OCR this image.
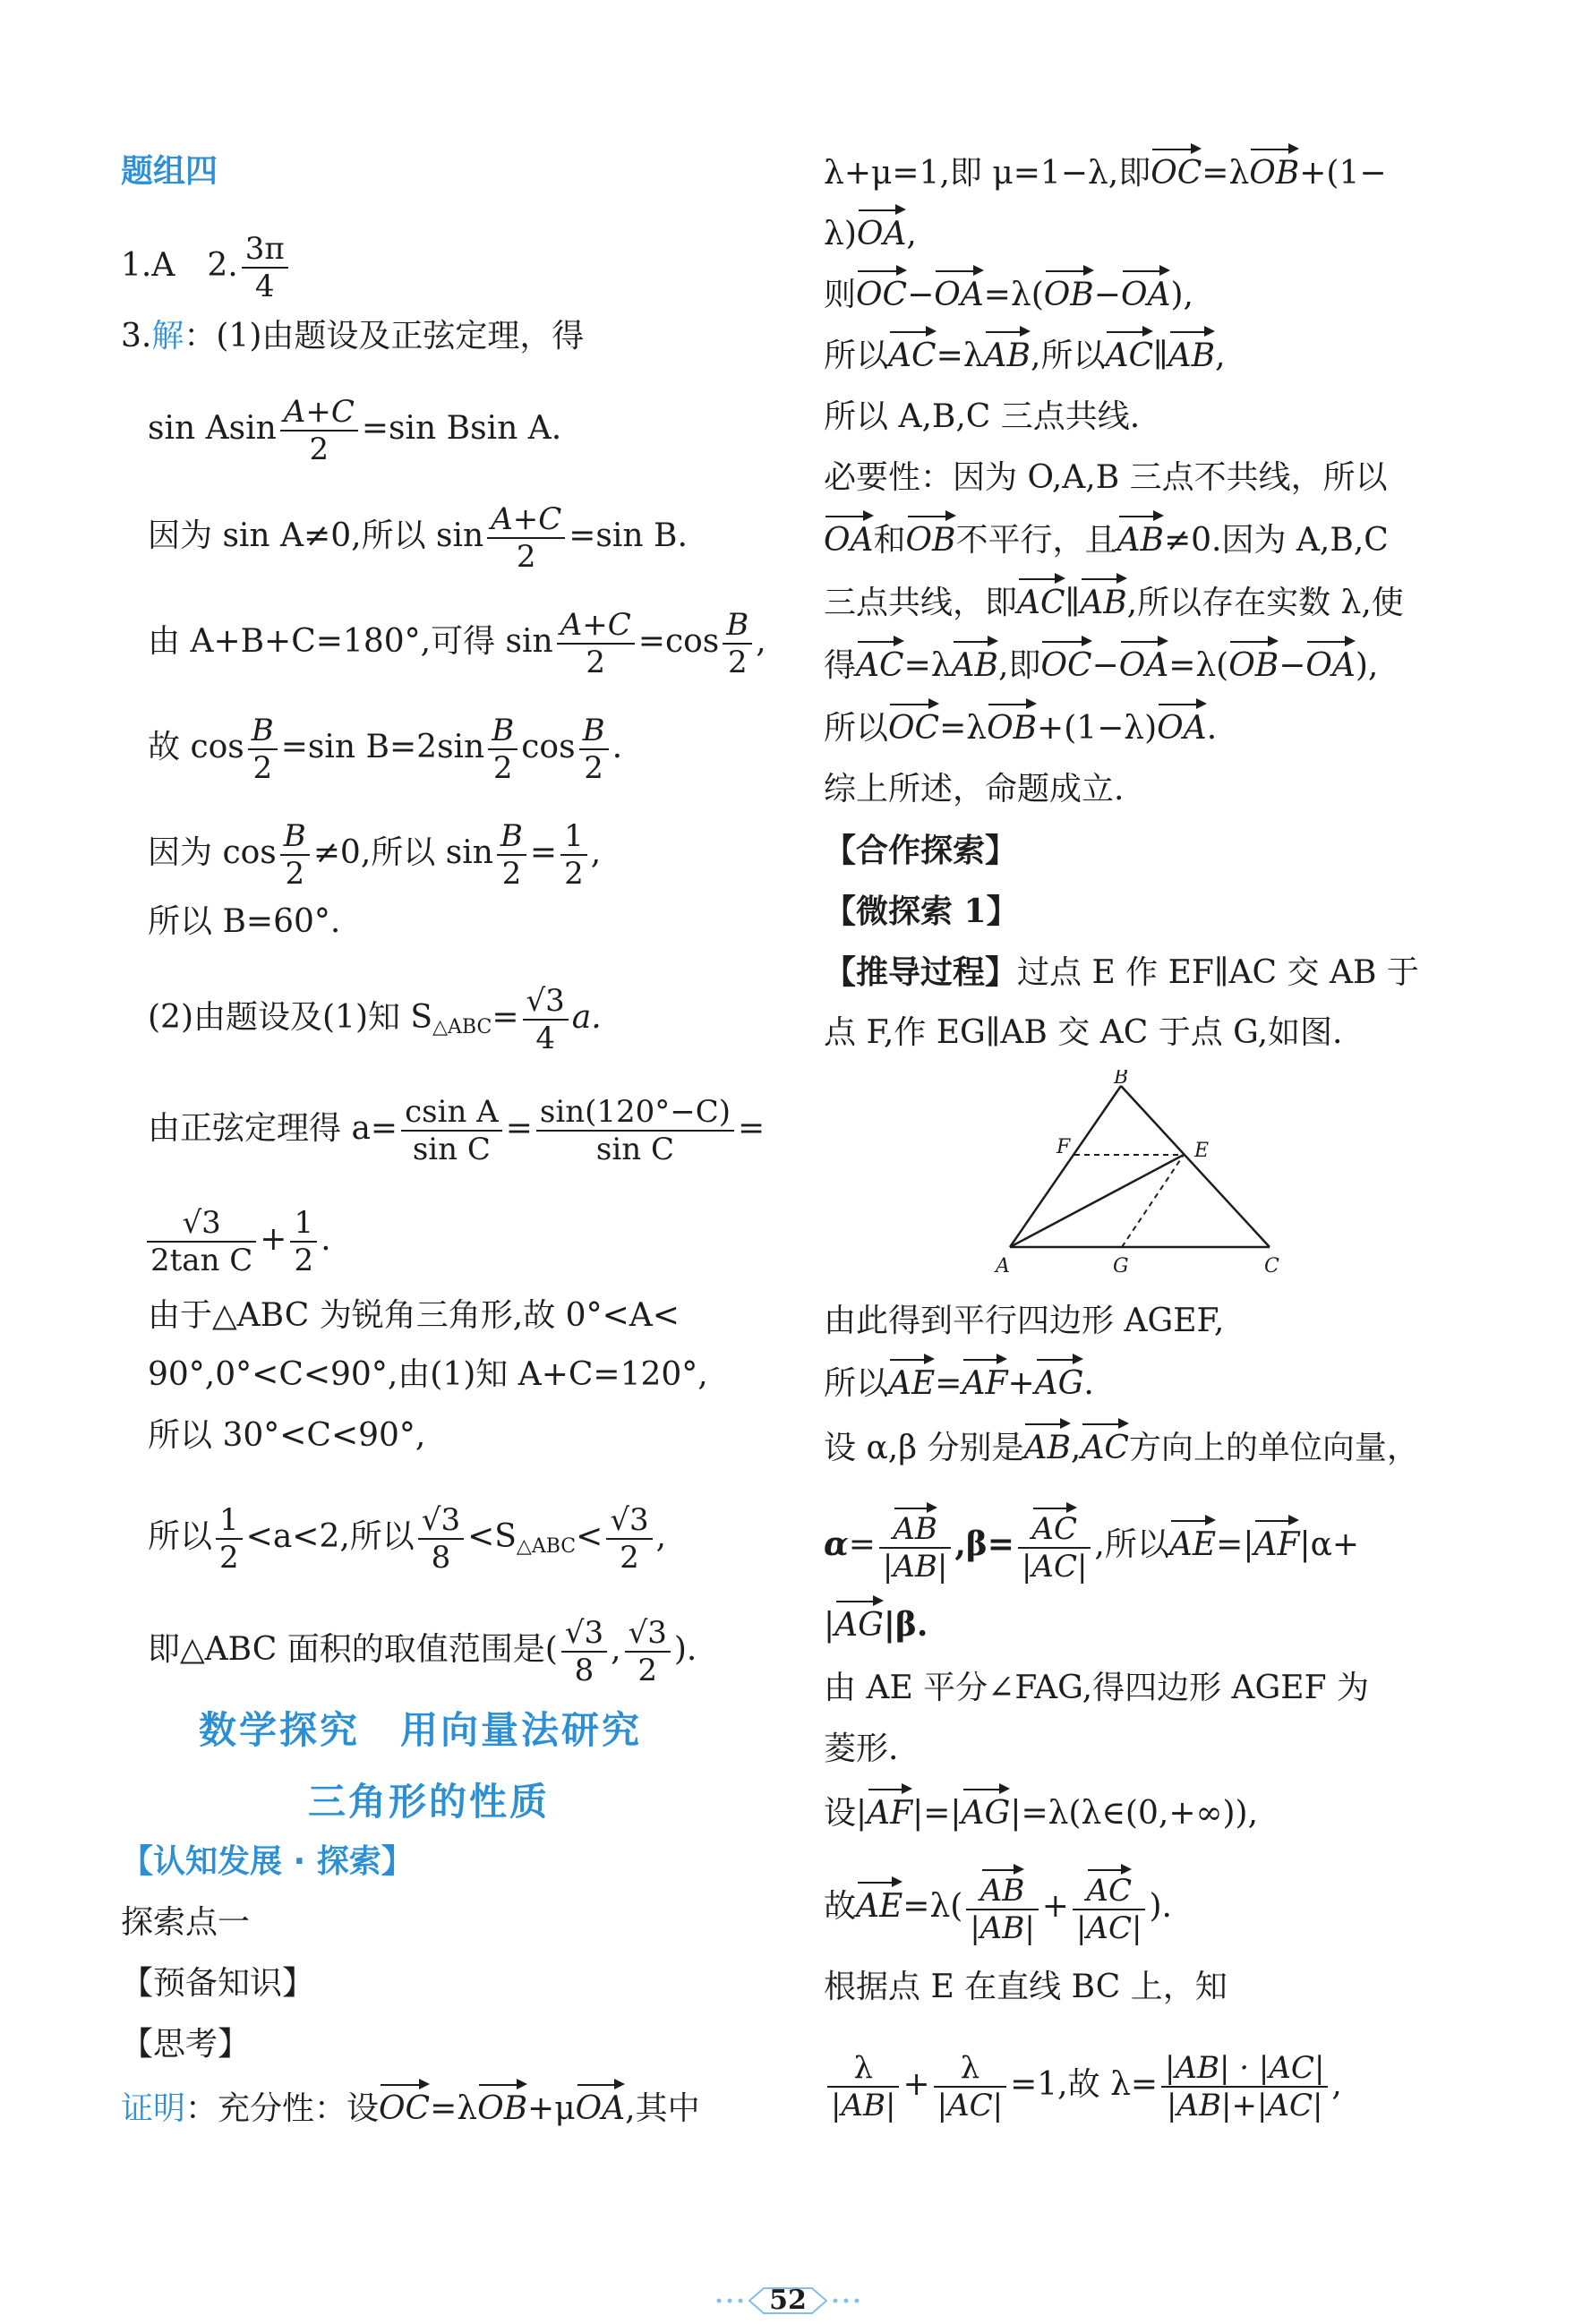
题组四
1.A　2. $\frac{3\pi}{4}$
3.解：(1)由题设及正弦定理，得
sin Asin $\frac{A+C}{2} =\sin$ Bsin A.
因为 sin A≠0,所以 $\sin \frac{A+C}{2} =\sin$ B.
由 A+B+C=180°,可得 $\sin \frac{A+C}{2} =\cos \frac{B}{2}$ ,
故 $\cos \frac{B}{2} =\sin$ $B=2\sin \frac{B}{2}$ $\cos \frac{B}{2}$ .
因为 $\cos \frac{B}{2} \ne 0$,所以 $\sin \frac{B}{2} = \frac{1}{2}$ ,
所以 B=60°.
(2)由题设及(1)知 $S_{\triangle ABC}= \frac{√3}{4} a$.
由正弦定理得 $a= \frac{\text{csin A}}{\text{sin C}} = \frac{\sin(120^\circ-C)}{\text{sin C}}$ =
$\frac{√3}{\text{2tan C}} + \frac{1}{2}$ .
由于△ABC 为锐角三角形,故 0°<A<
90°,0°<C<90°,由(1)知 A+C=120°,
所以 30°<C<90°,
所以 $\frac{1}{2} <a<2$,所以 $\frac{√3}{8} <S_{\triangle ABC}< \frac{√3}{2}$ ,
即△ABC 面积的取值范围是( $\frac{√3}{8}$ , $\frac{√3}{2}$ ).
数学探究　用向量法研究
三角形的性质
【认知发展 · 探索】
探索点一
【预备知识】
【思考】
证明：充分性：设OC=λOB+μOA,其中
λ+μ=1,即 μ=1−λ,即OC=λOB+(1−
λ)OA,
则OC−OA=λ(OB−OA),
所以AC=λAB,所以AC∥AB,
所以 A,B,C 三点共线.
必要性：因为 O,A,B 三点不共线，所以
OA和OB不平行，且AB≠0.因为 A,B,C
三点共线，即AC∥AB,所以存在实数 λ,使
得AC=λAB,即OC−OA=λ(OB−OA),
所以OC=λOB+(1−λ)OA.
综上所述，命题成立.
【合作探索】
【微探索 1】
【推导过程】过点 E 作 EF∥AC 交 AB 于
点 F,作 EG∥AB 交 AC 于点 G,如图.
由此得到平行四边形 AGEF,
所以AE=AF+AG.
设 α,β 分别是AB,AC方向上的单位向量，
$\alpha= \frac{AB}{|AB|} ,\beta= \frac{AC}{|AC|}$ ,所以AE=|AF|α+
|AG|β.
由 AE 平分∠FAG,得四边形 AGEF 为
菱形.
设|AF|=|AG|=λ(λ∈(0,+∞)),
故$AE=\lambda( \frac{AB}{|AB|} + \frac{AC}{|AC|}$ ).
根据点 E 在直线 BC 上，知
$\frac{\lambda}{|AB|} + \frac{\lambda}{|AC|} =1$,故 $\lambda= \frac{|AB| \cdot |AC|}{|AB|+|AC|}$ ,
B
F	E
A	G	C
52
